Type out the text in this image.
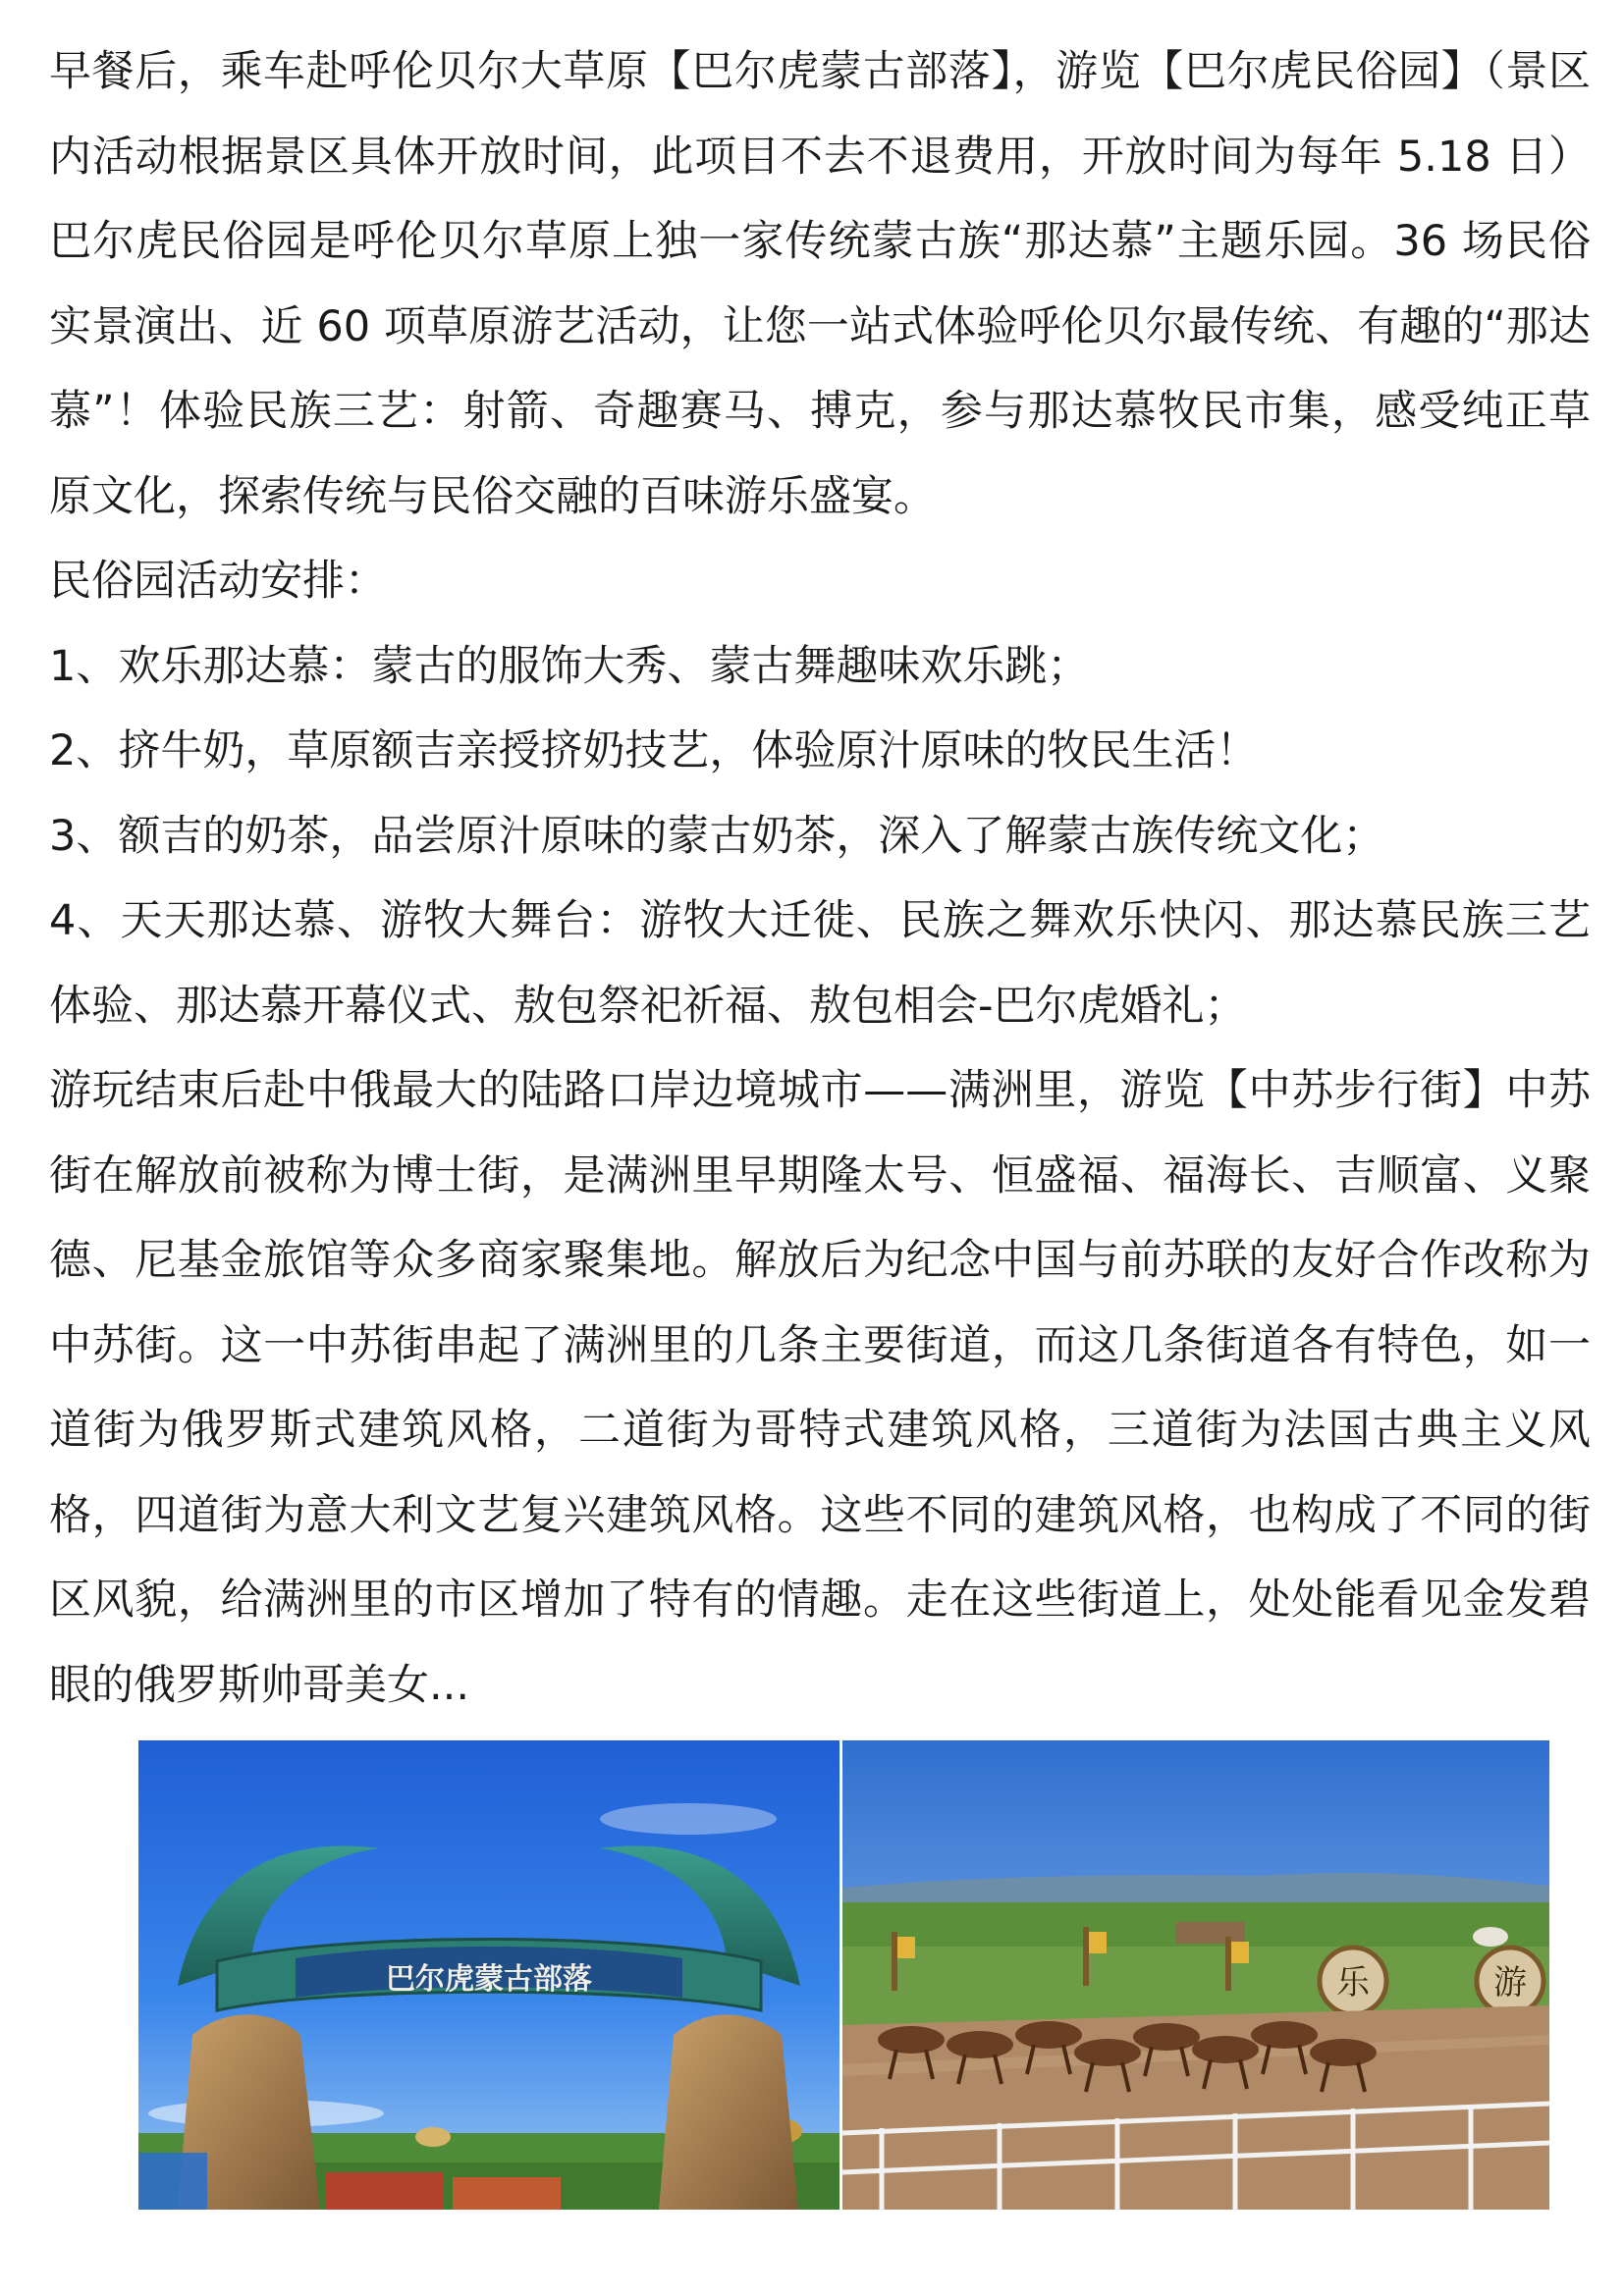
早餐后，乘车赴呼伦贝尔大草原【巴尔虎蒙古部落】，游览【巴尔虎民俗园】（景区内活动根据景区具体开放时间，此项目不去不退费用，开放时间为每年 5.18 日）巴尔虎民俗园是呼伦贝尔草原上独一家传统蒙古族“那达慕”主题乐园。36 场民俗实景演出、近 60 项草原游艺活动，让您一站式体验呼伦贝尔最传统、有趣的“那达慕”！体验民族三艺：射箭、奇趣赛马、搏克，参与那达慕牧民市集，感受纯正草原文化，探索传统与民俗交融的百味游乐盛宴。

民俗园活动安排：

1、欢乐那达慕：蒙古的服饰大秀、蒙古舞趣味欢乐跳；

2、挤牛奶，草原额吉亲授挤奶技艺，体验原汁原味的牧民生活！

3、额吉的奶茶，品尝原汁原味的蒙古奶茶，深入了解蒙古族传统文化；

4、天天那达慕、游牧大舞台：游牧大迁徙、民族之舞欢乐快闪、那达慕民族三艺体验、那达慕开幕仪式、敖包祭祀祈福、敖包相会-巴尔虎婚礼；

游玩结束后赴中俄最大的陆路口岸边境城市——满洲里，游览【中苏步行街】中苏街在解放前被称为博士街，是满洲里早期隆太号、恒盛福、福海长、吉顺富、义聚德、尼基金旅馆等众多商家聚集地。解放后为纪念中国与前苏联的友好合作改称为中苏街。这一中苏街串起了满洲里的几条主要街道，而这几条街道各有特色，如一道街为俄罗斯式建筑风格，二道街为哥特式建筑风格，三道街为法国古典主义风格，四道街为意大利文艺复兴建筑风格。这些不同的建筑风格，也构成了不同的街区风貌，给满洲里的市区增加了特有的情趣。走在这些街道上，处处能看见金发碧眼的俄罗斯帅哥美女...

巴尔虎蒙古部落	乐	游
